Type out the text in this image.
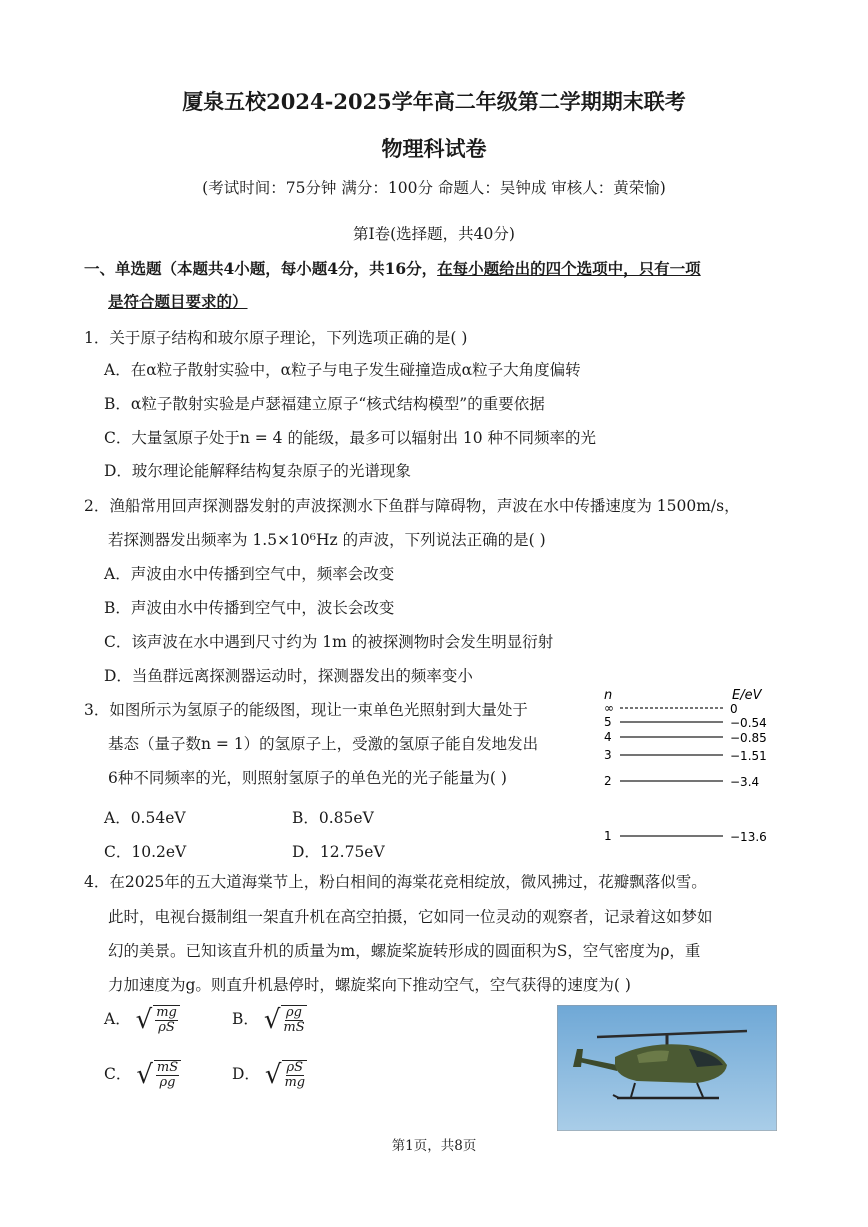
厦泉五校2024-2025学年高二年级第二学期期末联考
物理科试卷
(考试时间：75分钟 满分：100分 命题人：吴钟成 审核人：黄荣愉)
第I卷(选择题，共40分)
一、单选题（本题共4小题，每小题4分，共16分，在每小题给出的四个选项中，只有一项
是符合题目要求的）
1．关于原子结构和玻尔原子理论，下列选项正确的是( )
A．在α粒子散射实验中，α粒子与电子发生碰撞造成α粒子大角度偏转
B．α粒子散射实验是卢瑟福建立原子“核式结构模型”的重要依据
C．大量氢原子处于n = 4 的能级，最多可以辐射出 10 种不同频率的光
D．玻尔理论能解释结构复杂原子的光谱现象
2．渔船常用回声探测器发射的声波探测水下鱼群与障碍物，声波在水中传播速度为 1500m/s，
若探测器发出频率为 1.5×10⁶Hz 的声波，下列说法正确的是( )
A．声波由水中传播到空气中，频率会改变
B．声波由水中传播到空气中，波长会改变
C．该声波在水中遇到尺寸约为 1m 的被探测物时会发生明显衍射
D．当鱼群远离探测器运动时，探测器发出的频率变小
3．如图所示为氢原子的能级图，现让一束单色光照射到大量处于
基态（量子数n = 1）的氢原子上，受激的氢原子能自发地发出
6种不同频率的光，则照射氢原子的单色光的光子能量为( )
A．0.54eV	B．0.85eV
C．10.2eV	D．12.75eV
n	E/eV
∞	0
5	−0.54
4	−0.85
3	−1.51
2	−3.4
1	−13.6
4．在2025年的五大道海棠节上，粉白相间的海棠花竞相绽放，微风拂过，花瓣飘落似雪。
此时，电视台摄制组一架直升机在高空拍摄，它如同一位灵动的观察者，记录着这如梦如
幻的美景。已知该直升机的质量为m，螺旋桨旋转形成的圆面积为S，空气密度为ρ，重
力加速度为g。则直升机悬停时，螺旋桨向下推动空气，空气获得的速度为( )
A． √ $\frac{mg}{\rho S}$	B． √ $\frac{\rho g}{mS}$
C． √ $\frac{mS}{\rho g}$	D． √ $\frac{\rho S}{mg}$
第1页，共8页
